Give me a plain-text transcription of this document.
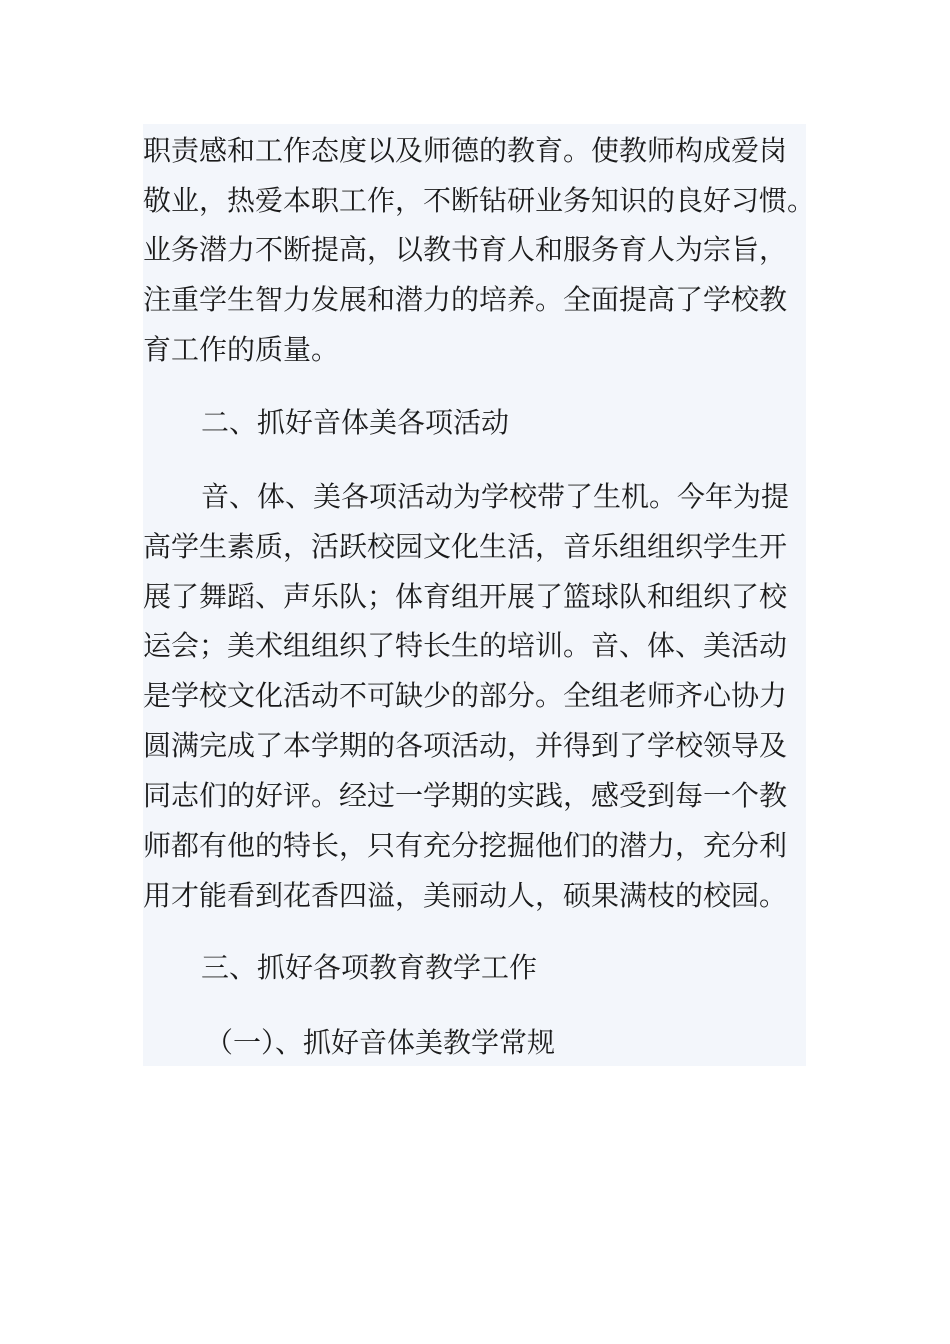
职责感和工作态度以及师德的教育。使教师构成爱岗
敬业，热爱本职工作，不断钻研业务知识的良好习惯。
业务潜力不断提高，以教书育人和服务育人为宗旨，
注重学生智力发展和潜力的培养。全面提高了学校教
育工作的质量。
二、抓好音体美各项活动
音、体、美各项活动为学校带了生机。今年为提
高学生素质，活跃校园文化生活，音乐组组织学生开
展了舞蹈、声乐队；体育组开展了篮球队和组织了校
运会；美术组组织了特长生的培训。音、体、美活动
是学校文化活动不可缺少的部分。全组老师齐心协力
圆满完成了本学期的各项活动，并得到了学校领导及
同志们的好评。经过一学期的实践，感受到每一个教
师都有他的特长，只有充分挖掘他们的潜力，充分利
用才能看到花香四溢，美丽动人，硕果满枝的校园。
三、抓好各项教育教学工作
（一）、抓好音体美教学常规
